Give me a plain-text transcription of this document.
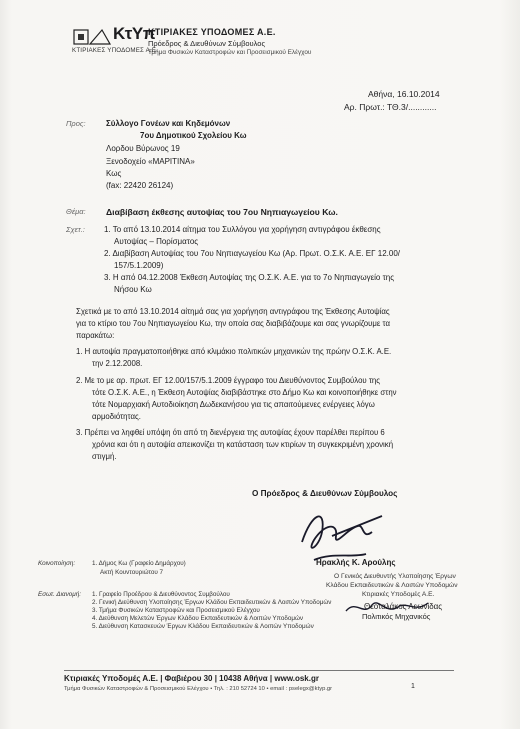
ΚτΥπ
ΚΤΙΡΙΑΚΕΣ ΥΠΟΔΟΜΕΣ Α.Ε.
ΚΤΙΡΙΑΚΕΣ ΥΠΟΔΟΜΕΣ Α.Ε.
Πρόεδρος & Διευθύνων Σύμβουλος
Τμήμα Φυσικών Καταστροφών και Προσεισμικού Ελέγχου
Αθήνα, 16.10.2014
Αρ. Πρωτ.: ΤΘ.3/............
Προς:	Σύλλογο Γονέων και Κηδεμόνων
7ου Δημοτικού Σχολείου Κω
Λορδου Βύρωνος 19
Ξενοδοχείο «ΜΑΡΙΤΙΝΑ»
Κως
(fax: 22420 26124)
Θέμα: Διαβίβαση έκθεσης αυτοψίας του 7ου Νηπιαγωγείου Κω.
Σχετ.: 1. Το από 13.10.2014 αίτημα του Συλλόγου για χορήγηση αντιγράφου έκθεσης
Αυτοψίας – Πορίσματος
2. Διαβίβαση Αυτοψίας του 7ου Νηπιαγωγείου Κω (Αρ. Πρωτ. Ο.Σ.Κ. Α.Ε. ΕΓ 12.00/
157/5.1.2009)
3. Η από 04.12.2008 Έκθεση Αυτοψίας της Ο.Σ.Κ. Α.Ε. για το 7ο Νηπιαγωγείο της
Νήσου Κω
Σχετικά με το από 13.10.2014 αίτημά σας για χορήγηση αντιγράφου της Έκθεσης Αυτοψίας
για το κτίριο του 7ου Νηπιαγωγείου Κω, την οποία σας διαβιβάζουμε και σας γνωρίζουμε τα
παρακάτω:
1. Η αυτοψία πραγματοποιήθηκε από κλιμάκιο πολιτικών μηχανικών της πρώην Ο.Σ.Κ. Α.Ε.
την 2.12.2008.
2. Με το με αρ. πρωτ. ΕΓ 12.00/157/5.1.2009 έγγραφο του Διευθύνοντος Συμβούλου της
τότε Ο.Σ.Κ. Α.Ε., η Έκθεση Αυτοψίας διαβιβάστηκε στο Δήμο Κω και κοινοποιήθηκε στην
τότε Νομαρχιακή Αυτοδιοίκηση Δωδεκανήσου για τις απαιτούμενες ενέργειες λόγω
αρμοδιότητας.
3. Πρέπει να ληφθεί υπόψη ότι από τη διενέργεια της αυτοψίας έχουν παρέλθει περίπου 6
χρόνια και ότι η αυτοψία απεικονίζει τη κατάσταση των κτιρίων τη συγκεκριμένη χρονική
στιγμή.
Ο Πρόεδρος & Διευθύνων Σύμβουλος
Ηρακλής Κ. Αρούλης
Ο Γενικός Διευθυντής Υλοποίησης Έργων
Κλάδου Εκπαιδευτικών & Λοιπών Υποδομών
Κτιριακές Υποδομές Α.Ε.
Θεοταλάκος Λεωνίδας
Πολιτικός Μηχανικός
Κοινοποίηση:	1. Δήμος Κω (Γραφείο Δημάρχου)
Ακτή Κουντουριώτου 7
Εσωτ. Διανομή: 1. Γραφείο Προέδρου & Διευθύνοντος Συμβούλου
2. Γενική Διεύθυνση Υλοποίησης Έργων Κλάδου Εκπαιδευτικών & Λοιπών Υποδομών
3. Τμήμα Φυσικών Καταστροφών και Προσεισμικού Ελέγχου
4. Διεύθυνση Μελετών Έργων Κλάδου Εκπαιδευτικών & Λοιπών Υποδομών
5. Διεύθυνση Κατασκευών Έργων Κλάδου Εκπαιδευτικών & Λοιπών Υποδομών
Κτιριακές Υποδομές Α.Ε. | Φαβιέρου 30 | 10438 Αθήνα | www.osk.gr
Τμήμα Φυσικών Καταστροφών & Προσεισμικού Ελέγχου • Τηλ. : 210 52724 10 • email : pselegx@ktyp.gr	1
